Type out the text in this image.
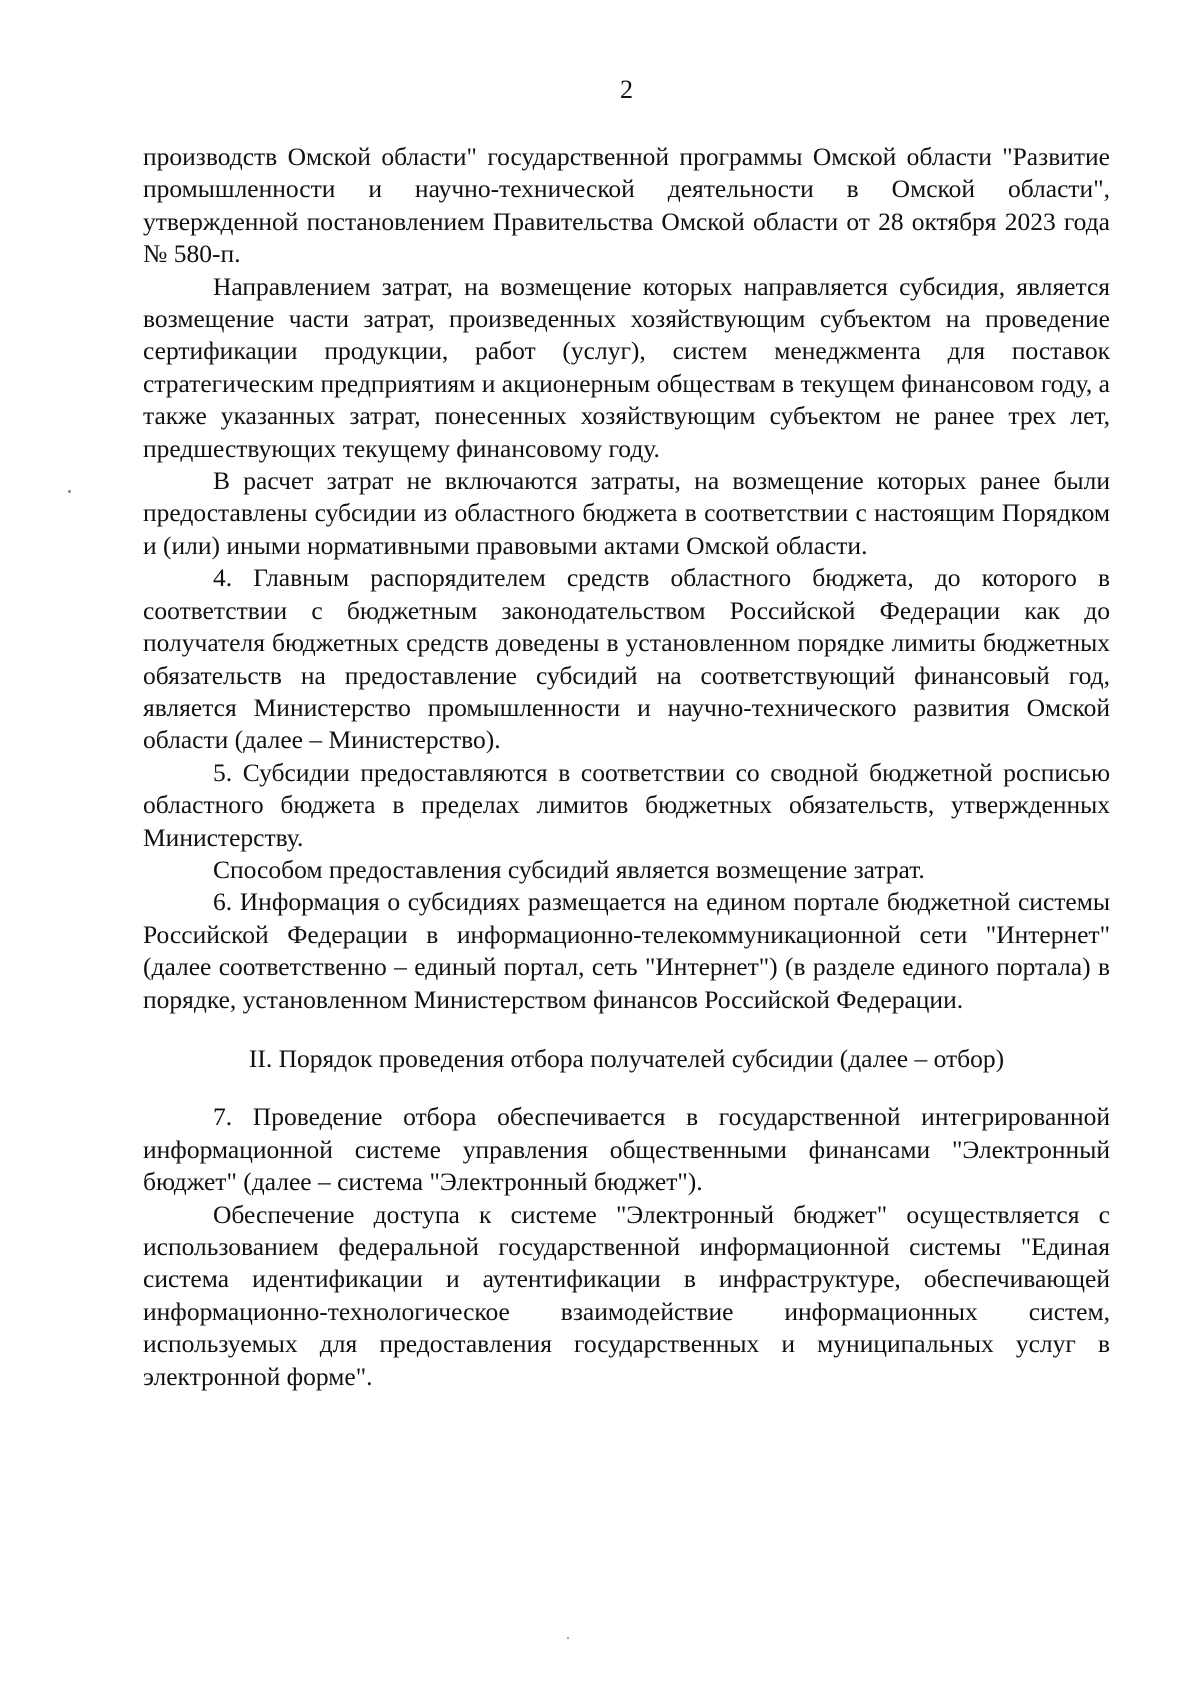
2

производств Омской области" государственной программы Омской области "Развитие промышленности и научно-технической деятельности в Омской области", утвержденной постановлением Правительства Омской области от 28 октября 2023 года № 580-п.

Направлением затрат, на возмещение которых направляется субсидия, является возмещение части затрат, произведенных хозяйствующим субъектом на проведение сертификации продукции, работ (услуг), систем менеджмента для поставок стратегическим предприятиям и акционерным обществам в текущем финансовом году, а также указанных затрат, понесенных хозяйствующим субъектом не ранее трех лет, предшествующих текущему финансовому году.

В расчет затрат не включаются затраты, на возмещение которых ранее были предоставлены субсидии из областного бюджета в соответствии с настоящим Порядком и (или) иными нормативными правовыми актами Омской области.

4. Главным распорядителем средств областного бюджета, до которого в соответствии с бюджетным законодательством Российской Федерации как до получателя бюджетных средств доведены в установленном порядке лимиты бюджетных обязательств на предоставление субсидий на соответствующий финансовый год, является Министерство промышленности и научно-технического развития Омской области (далее – Министерство).

5. Субсидии предоставляются в соответствии со сводной бюджетной росписью областного бюджета в пределах лимитов бюджетных обязательств, утвержденных Министерству.

Способом предоставления субсидий является возмещение затрат.

6. Информация о субсидиях размещается на едином портале бюджетной системы Российской Федерации в информационно-телекоммуникационной сети "Интернет" (далее соответственно – единый портал, сеть "Интернет") (в разделе единого портала) в порядке, установленном Министерством финансов Российской Федерации.

II. Порядок проведения отбора получателей субсидии (далее – отбор)

7. Проведение отбора обеспечивается в государственной интегрированной информационной системе управления общественными финансами "Электронный бюджет" (далее – система "Электронный бюджет").

Обеспечение доступа к системе "Электронный бюджет" осуществляется с использованием федеральной государственной информационной системы "Единая система идентификации и аутентификации в инфраструктуре, обеспечивающей информационно-технологическое взаимодействие информационных систем, используемых для предоставления государственных и муниципальных услуг в электронной форме".
